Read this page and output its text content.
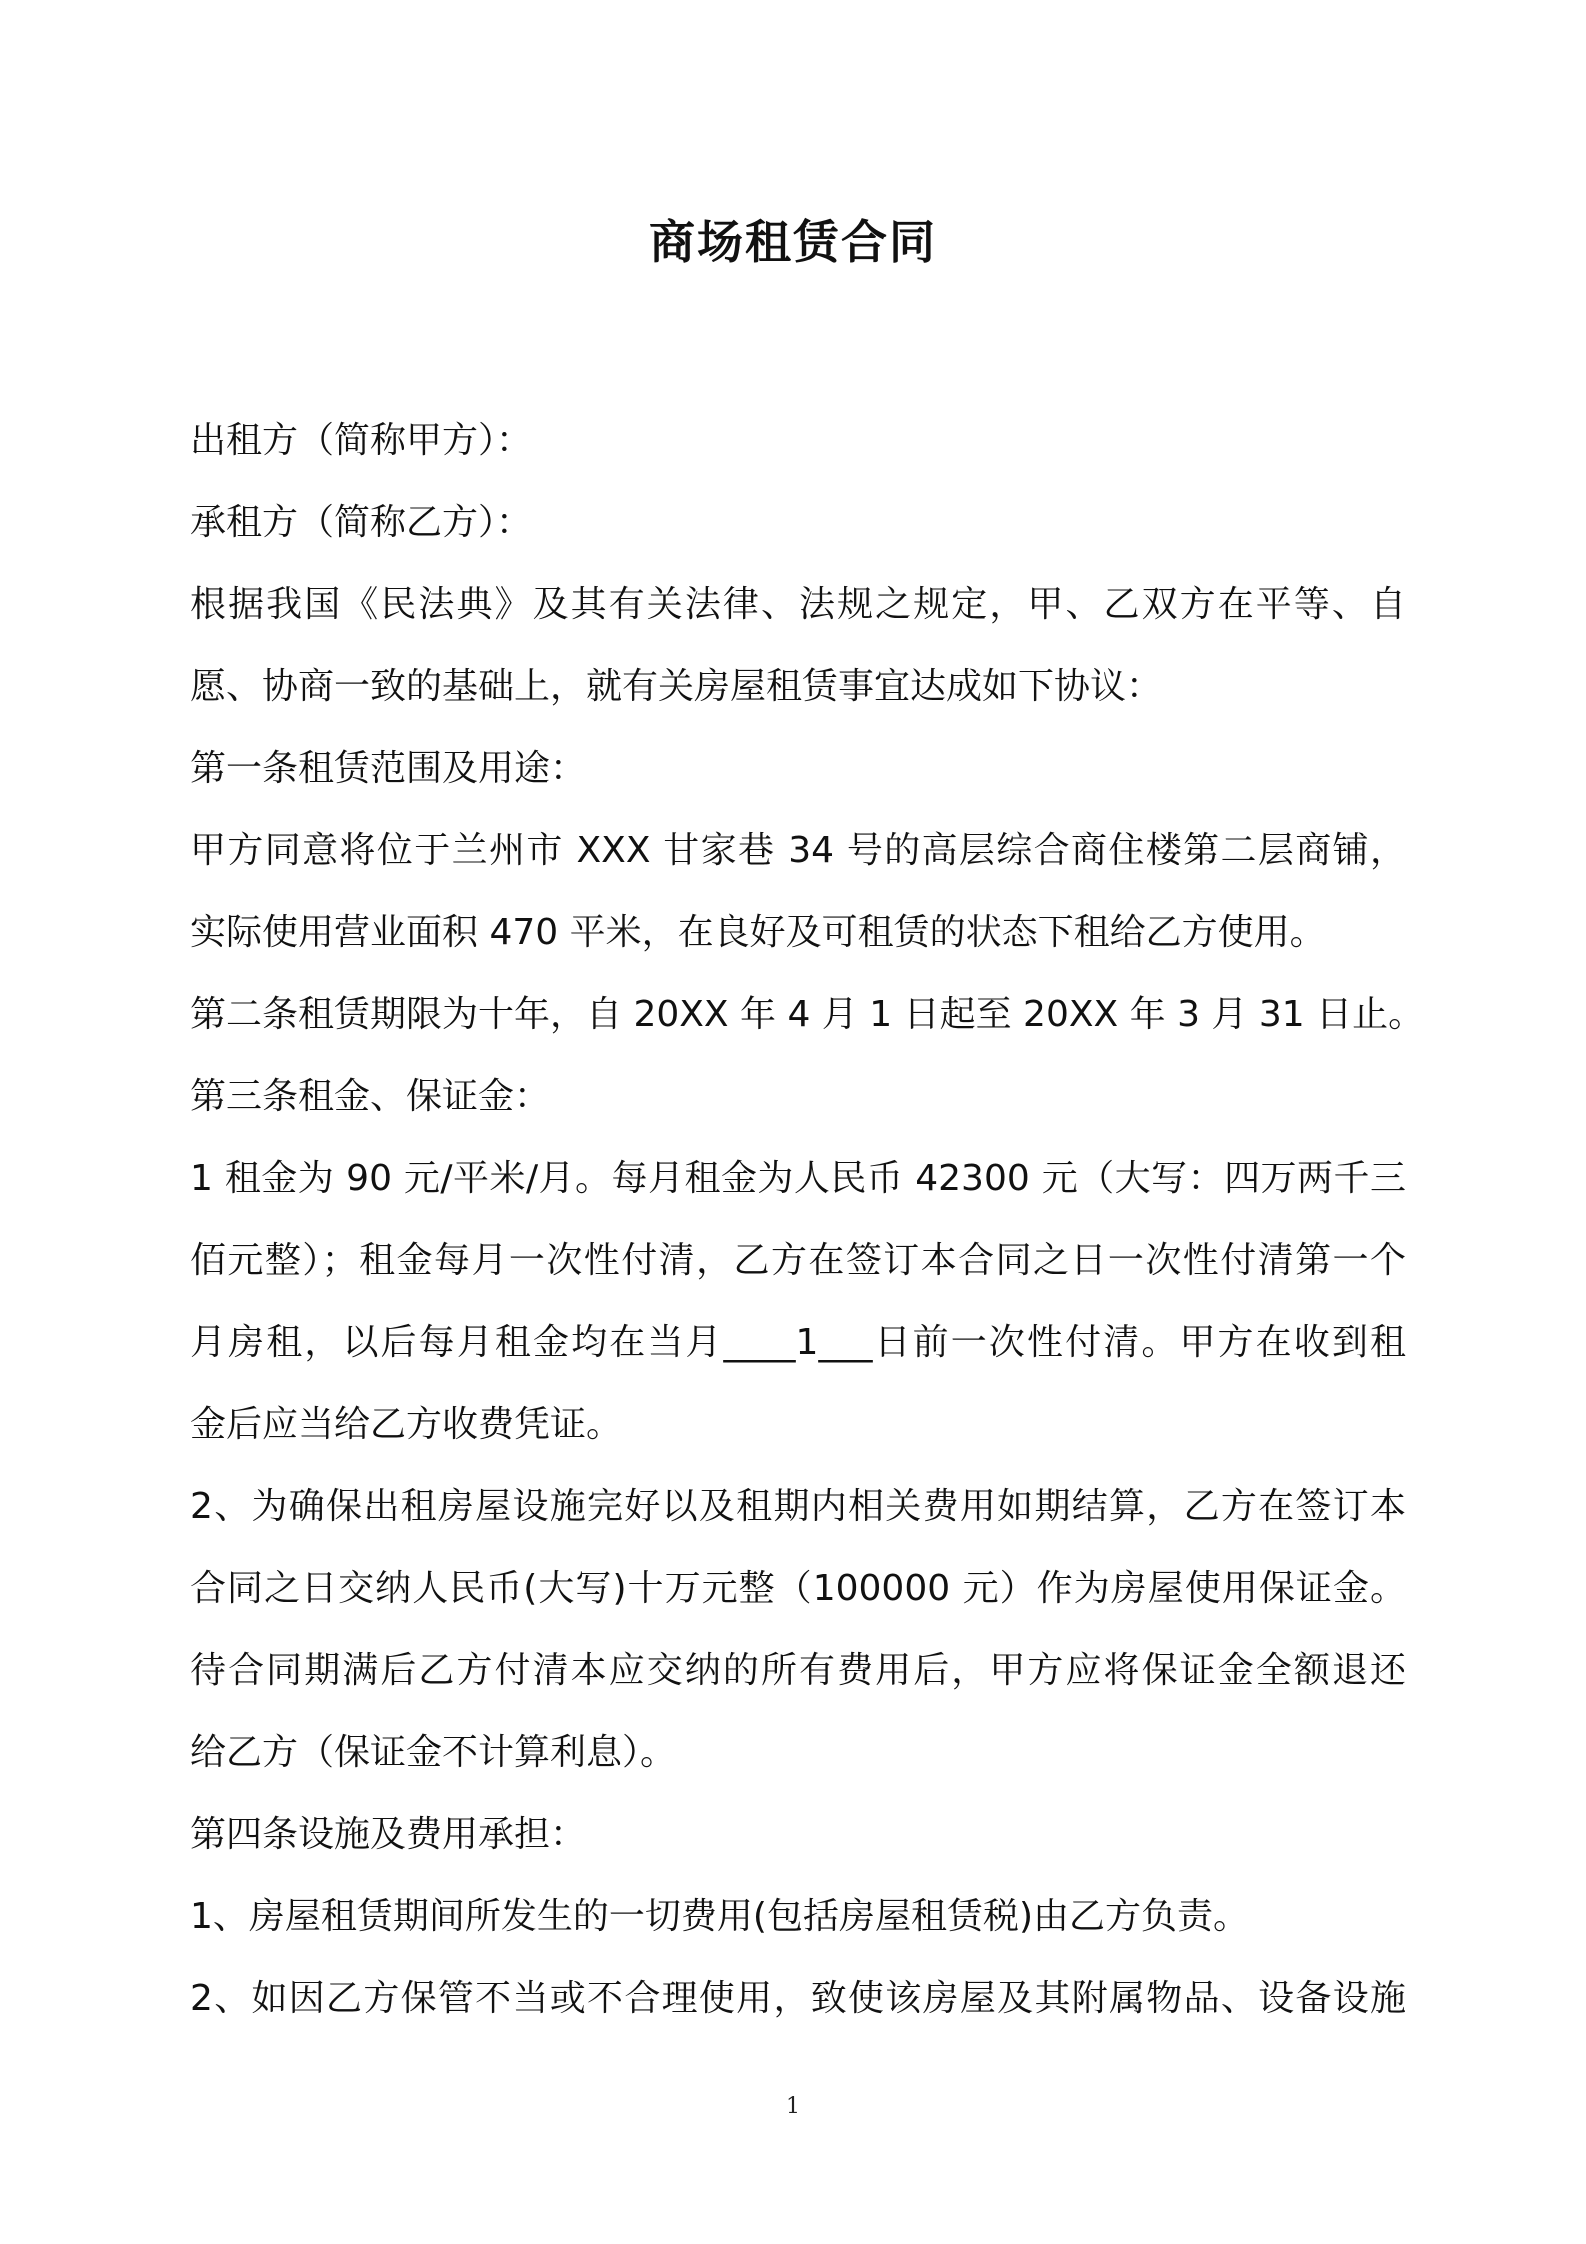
商场租赁合同
出租方（简称甲方）：
承租方（简称乙方）：
根据我国《民法典》及其有关法律、法规之规定，甲、乙双方在平等、自
愿、协商一致的基础上，就有关房屋租赁事宜达成如下协议：
第一条租赁范围及用途：
甲方同意将位于兰州市 XXX 甘家巷 34 号的高层综合商住楼第二层商铺，
实际使用营业面积 470 平米，在良好及可租赁的状态下租给乙方使用。
第二条租赁期限为十年，自 20XX 年 4 月 1 日起至 20XX 年 3 月 31 日止。
第三条租金、保证金：
1 租金为 90 元/平米/月。每月租金为人民币 42300 元（大写：四万两千三
佰元整）；租金每月一次性付清，乙方在签订本合同之日一次性付清第一个
月房租，以后每月租金均在当月____1___日前一次性付清。甲方在收到租
金后应当给乙方收费凭证。
2、为确保出租房屋设施完好以及租期内相关费用如期结算，乙方在签订本
合同之日交纳人民币(大写)十万元整（100000 元）作为房屋使用保证金。
待合同期满后乙方付清本应交纳的所有费用后，甲方应将保证金全额退还
给乙方（保证金不计算利息）。
第四条设施及费用承担：
1、房屋租赁期间所发生的一切费用(包括房屋租赁税)由乙方负责。
2、如因乙方保管不当或不合理使用，致使该房屋及其附属物品、设备设施
1
